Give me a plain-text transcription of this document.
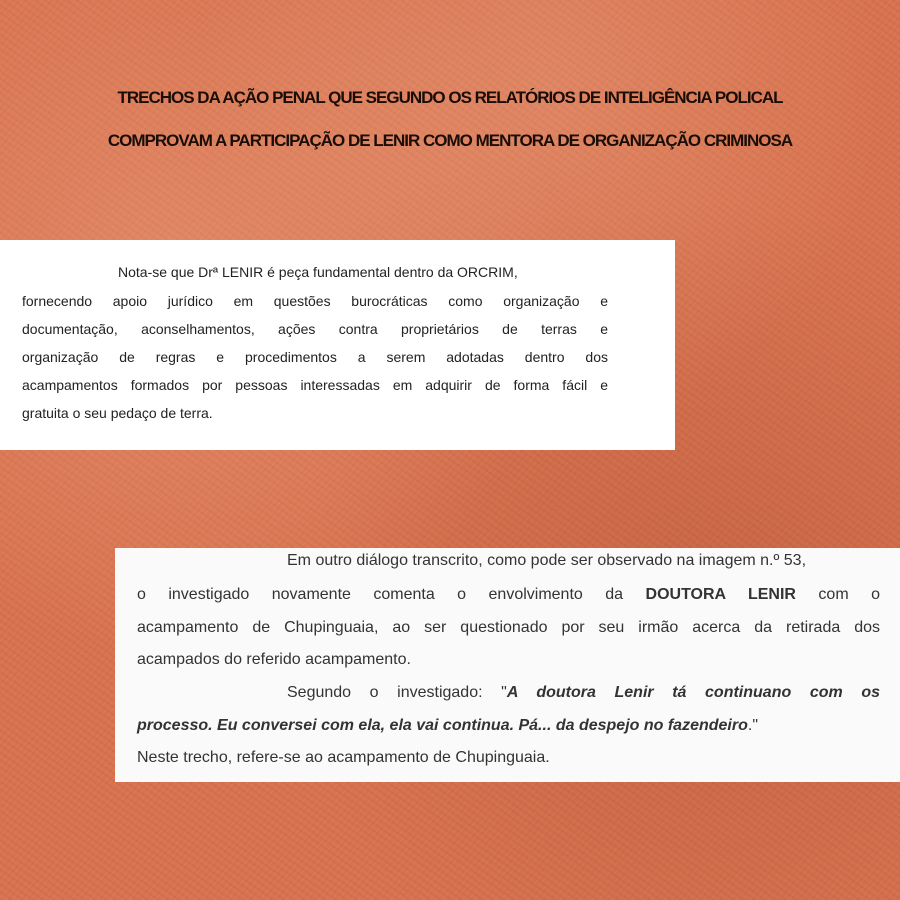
TRECHOS DA AÇÃO PENAL QUE SEGUNDO OS RELATÓRIOS DE INTELIGÊNCIA POLICAL
COMPROVAM A PARTICIPAÇÃO DE LENIR COMO MENTORA DE ORGANIZAÇÃO CRIMINOSA
Nota-se que Drª LENIR é peça fundamental dentro da ORCRIM,
fornecendo apoio jurídico em questões burocráticas como organização e
documentação, aconselhamentos, ações contra proprietários de terras e
organização de regras e procedimentos a serem adotadas dentro dos
acampamentos formados por pessoas interessadas em adquirir de forma fácil e
gratuita o seu pedaço de terra.
Em outro diálogo transcrito, como pode ser observado na imagem n.º 53,
o investigado novamente comenta o envolvimento da DOUTORA LENIR com o
acampamento de Chupinguaia, ao ser questionado por seu irmão acerca da retirada dos
acampados do referido acampamento.
Segundo o investigado: "A doutora Lenir tá continuano com os
processo. Eu conversei com ela, ela vai continua. Pá... da despejo no fazendeiro."
Neste trecho, refere-se ao acampamento de Chupinguaia.
